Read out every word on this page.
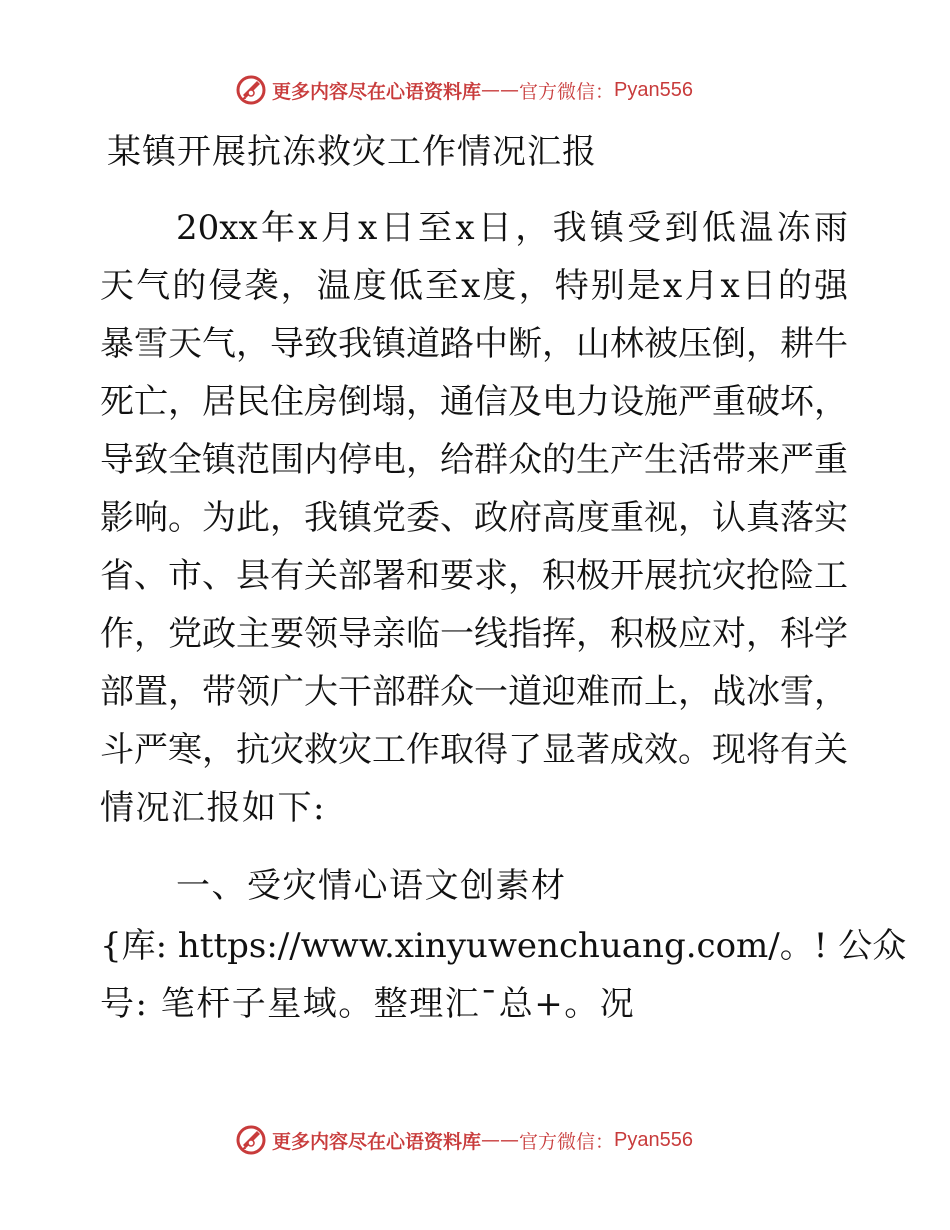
更多内容尽在心语资料库 —— 官方微信： Pyan556
某镇开展抗冻救灾工作情况汇报
20xx年x月x日至x日，我镇受到低温冻雨
天气的侵袭，温度低至x度，特别是x月x日的强
暴雪天气，导致我镇道路中断，山林被压倒，耕牛
死亡，居民住房倒塌，通信及电力设施严重破坏，
导致全镇范围内停电，给群众的生产生活带来严重
影响。为此，我镇党委、政府高度重视，认真落实
省、市、县有关部署和要求，积极开展抗灾抢险工
作，党政主要领导亲临一线指挥，积极应对，科学
部置，带领广大干部群众一道迎难而上，战冰雪，
斗严寒，抗灾救灾工作取得了显著成效。现将有关
情况汇报如下:
一、受灾情心语文创素材
{库: https://www.xinyuwenchuang.com/。! 公众
号: 笔杆子星域。整理汇¯总+。况
更多内容尽在心语资料库 —— 官方微信： Pyan556
